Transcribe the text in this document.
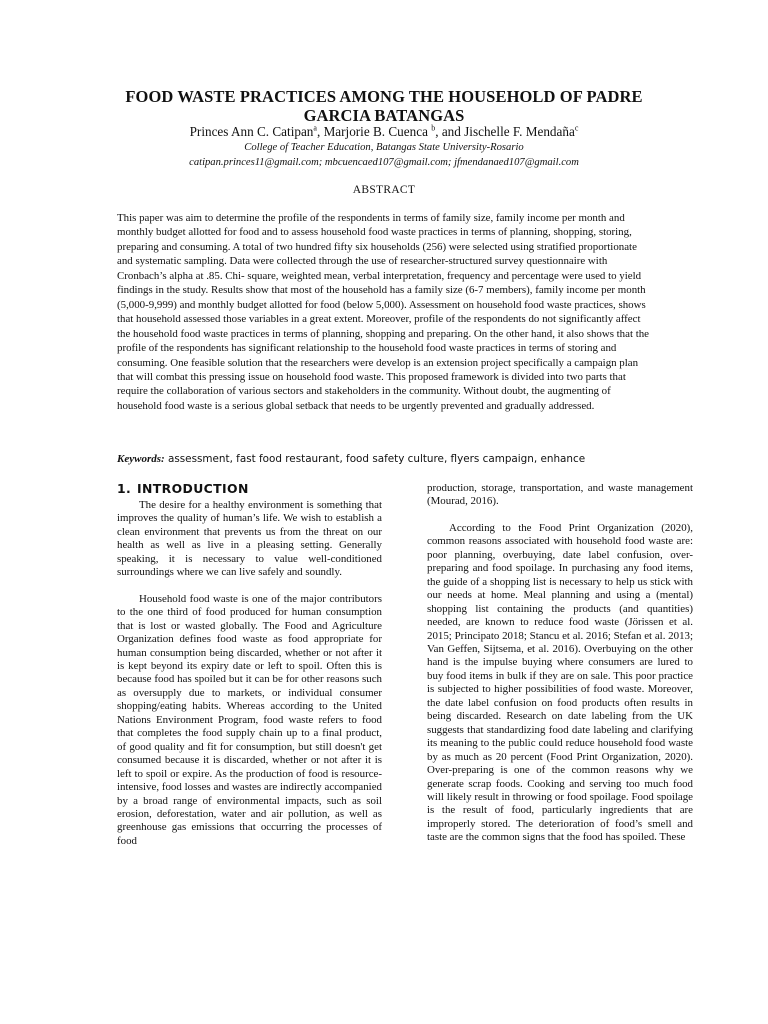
FOOD WASTE PRACTICES AMONG THE HOUSEHOLD OF PADRE GARCIA BATANGAS
Princes Ann C. Catipan$^a$, Marjorie B. Cuenca $^b$, and Jischelle F. Mendaña$^c$
College of Teacher Education, Batangas State University-Rosario
catipan.princes11@gmail.com; mbcuencaed107@gmail.com; jfmendanaed107@gmail.com
ABSTRACT

This paper was aim to determine the profile of the respondents in terms of family size, family income per month and monthly budget allotted for food and to assess household food waste practices in terms of planning, shopping, storing, preparing and consuming. A total of two hundred fifty six households (256) were selected using stratified proportionate and systematic sampling. Data were collected through the use of researcher-structured survey questionnaire with Cronbach’s alpha at .85. Chi- square, weighted mean, verbal interpretation, frequency and percentage were used to yield findings in the study. Results show that most of the household has a family size (6-7 members), family income per month (5,000-9,999) and monthly budget allotted for food (below 5,000). Assessment on household food waste practices, shows that household assessed those variables in a great extent. Moreover, profile of the respondents do not significantly affect the household food waste practices in terms of planning, shopping and preparing. On the other hand, it also shows that the profile of the respondents has significant relationship to the household food waste practices in terms of storing and consuming. One feasible solution that the researchers were develop is an extension project specifically a campaign plan that will combat this pressing issue on household food waste. This proposed framework is divided into two parts that require the collaboration of various sectors and stakeholders in the community. Without doubt, the augmenting of household food waste is a serious global setback that needs to be urgently prevented and gradually addressed.

Keywords: assessment, fast food restaurant, food safety culture, flyers campaign, enhance
1. INTRODUCTION

The desire for a healthy environment is something that improves the quality of human’s life. We wish to establish a clean environment that prevents us from the threat on our health as well as live in a pleasing setting. Generally speaking, it is necessary to value well-conditioned surroundings where we can live safely and soundly.

Household food waste is one of the major contributors to the one third of food produced for human consumption that is lost or wasted globally. The Food and Agriculture Organization defines food waste as food appropriate for human consumption being discarded, whether or not after it is kept beyond its expiry date or left to spoil. Often this is because food has spoiled but it can be for other reasons such as oversupply due to markets, or individual consumer shopping/eating habits. Whereas according to the United Nations Environment Program, food waste refers to food that completes the food supply chain up to a final product, of good quality and fit for consumption, but still doesn't get consumed because it is discarded, whether or not after it is left to spoil or expire. As the production of food is resource-intensive, food losses and wastes are indirectly accompanied by a broad range of environmental impacts, such as soil erosion, deforestation, water and air pollution, as well as greenhouse gas emissions that occurring the processes of food

production, storage, transportation, and waste management (Mourad, 2016).

According to the Food Print Organization (2020), common reasons associated with household food waste are: poor planning, overbuying, date label confusion, over-preparing and food spoilage. In purchasing any food items, the guide of a shopping list is necessary to help us stick with our needs at home. Meal planning and using a (mental) shopping list containing the products (and quantities) needed, are known to reduce food waste (Jörissen et al. 2015; Principato 2018; Stancu et al. 2016; Stefan et al. 2013; Van Geffen, Sijtsema, et al. 2016). Overbuying on the other hand is the impulse buying where consumers are lured to buy food items in bulk if they are on sale. This poor practice is subjected to higher possibilities of food waste. Moreover, the date label confusion on food products often results in being discarded. Research on date labeling from the UK suggests that standardizing food date labeling and clarifying its meaning to the public could reduce household food waste by as much as 20 percent (Food Print Organization, 2020). Over-preparing is one of the common reasons why we generate scrap foods. Cooking and serving too much food will likely result in throwing or food spoilage. Food spoilage is the result of food, particularly ingredients that are improperly stored. The deterioration of food’s smell and taste are the common signs that the food has spoiled. These
